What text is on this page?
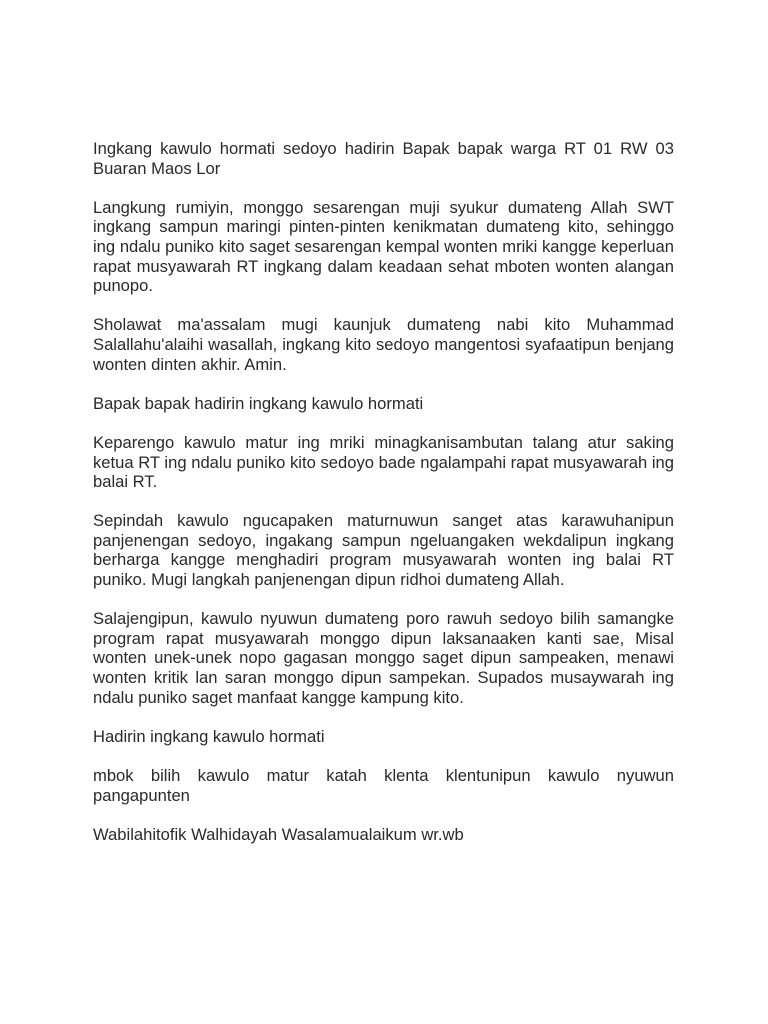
Ingkang kawulo hormati sedoyo hadirin Bapak bapak warga RT 01 RW 03 Buaran Maos Lor

Langkung rumiyin, monggo sesarengan muji syukur dumateng Allah SWT ingkang sampun maringi pinten-pinten kenikmatan dumateng kito, sehinggo ing ndalu puniko kito saget sesarengan kempal wonten mriki kangge keperluan rapat musyawarah RT ingkang dalam keadaan sehat mboten wonten alangan punopo.

Sholawat ma'assalam mugi kaunjuk dumateng nabi kito Muhammad Salallahu'alaihi wasallah, ingkang kito sedoyo mangentosi syafaatipun benjang wonten dinten akhir. Amin.

Bapak bapak hadirin ingkang kawulo hormati

Keparengo kawulo matur ing mriki minagkanisambutan talang atur saking ketua RT ing ndalu puniko kito sedoyo bade ngalampahi rapat musyawarah ing balai RT.

Sepindah kawulo ngucapaken maturnuwun sanget atas karawuhanipun panjenengan sedoyo, ingakang sampun ngeluangaken wekdalipun ingkang berharga kangge menghadiri program musyawarah wonten ing balai RT puniko. Mugi langkah panjenengan dipun ridhoi dumateng Allah.

Salajengipun, kawulo nyuwun dumateng poro rawuh sedoyo bilih samangke program rapat musyawarah monggo dipun laksanaaken kanti sae, Misal wonten unek-unek nopo gagasan monggo saget dipun sampeaken, menawi wonten kritik lan saran monggo dipun sampekan. Supados musaywarah ing ndalu puniko saget manfaat kangge kampung kito.

Hadirin ingkang kawulo hormati

mbok bilih kawulo matur katah klenta klentunipun kawulo nyuwun pangapunten

Wabilahitofik Walhidayah Wasalamualaikum wr.wb
